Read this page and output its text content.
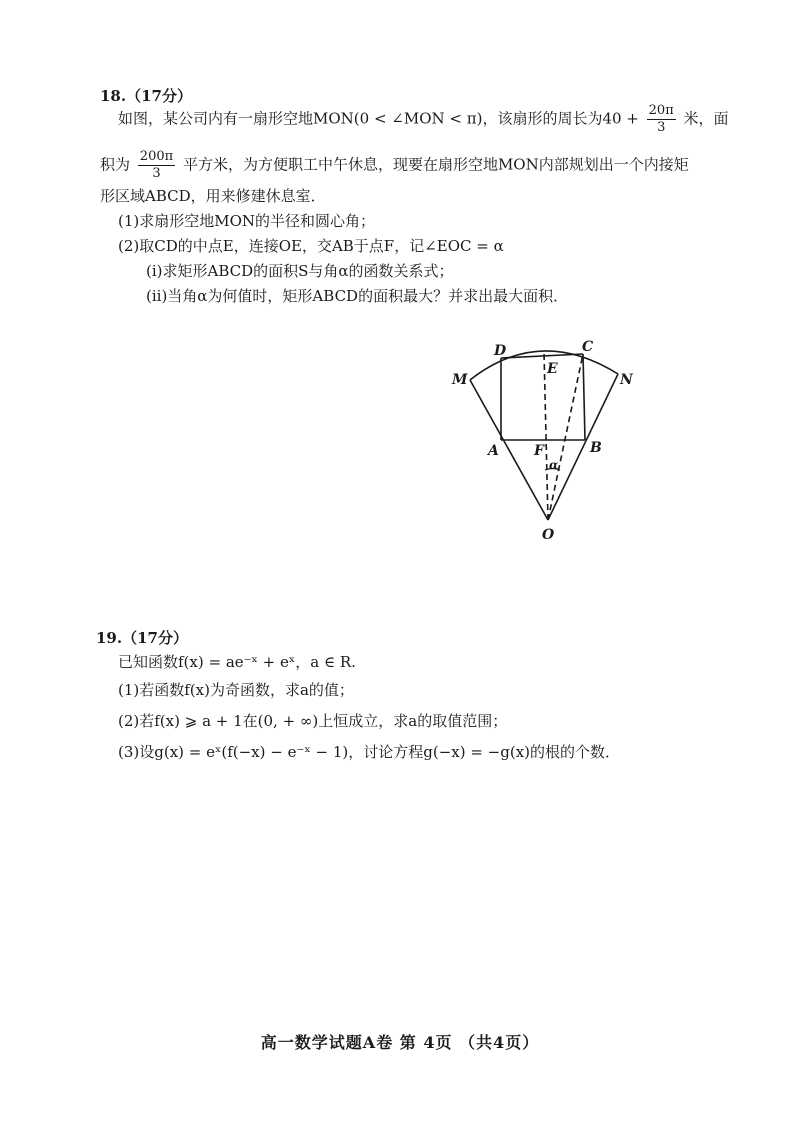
18.（17分）
如图，某公司内有一扇形空地MON(0 < ∠MON < π)，该扇形的周长为$40 + \frac{20\pi}{3}$ 米，面
积为 $\frac{200\pi}{3}$ 平方米，为方便职工中午休息，现要在扇形空地MON内部规划出一个内接矩
形区域ABCD，用来修建休息室．
(1)求扇形空地MON的半径和圆心角；
(2)取CD的中点E，连接OE，交AB于点F，记∠EOC = α
(i)求矩形ABCD的面积S与角α的函数关系式；
(ii)当角α为何值时，矩形ABCD的面积最大？并求出最大面积．
D	C
M	N
E
A	F	B
O
α
19.（17分）
已知函数f(x) = ae⁻ˣ + eˣ，a ∈ R.
(1)若函数f(x)为奇函数，求a的值；
(2)若f(x) ⩾ a + 1在(0, + ∞)上恒成立，求a的取值范围；
(3)设g(x) = eˣ(f(−x) − e⁻ˣ − 1)，讨论方程g(−x) = −g(x)的根的个数．
高一数学试题A卷 第 4页 （共4页）
